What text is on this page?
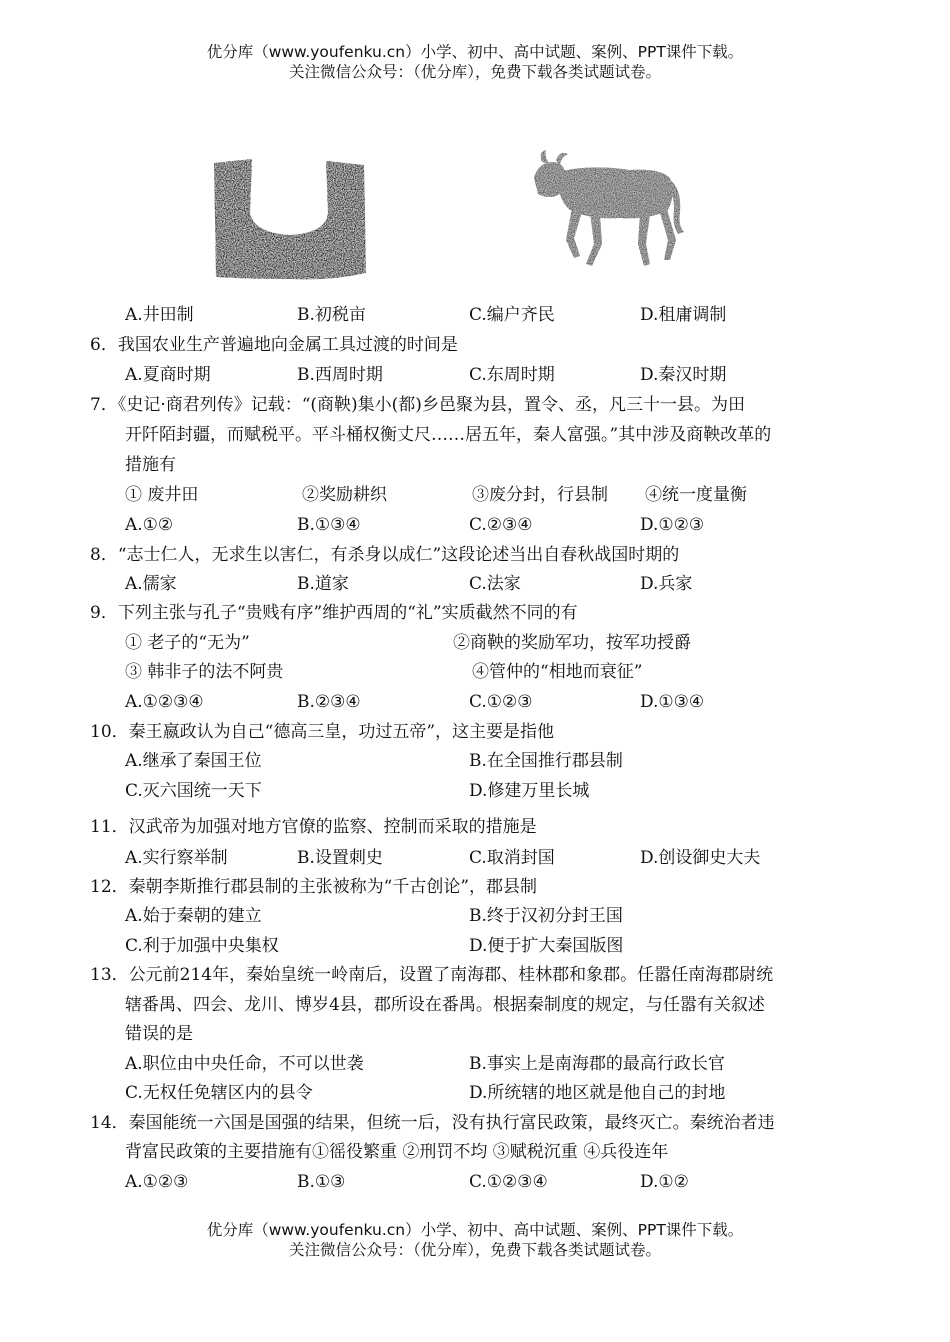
优分库（www.youfenku.cn）小学、初中、高中试题、案例、PPT课件下载。
关注微信公众号：（优分库），免费下载各类试题试卷。
A.井田制	B.初税亩	C.编户齐民	D.租庸调制
6．我国农业生产普遍地向金属工具过渡的时间是
A.夏商时期	B.西周时期	C.东周时期	D.秦汉时期
7．《史记·商君列传》记载：“(商鞅)集小(都)乡邑聚为县，置令、丞，凡三十一县。为田
开阡陌封疆，而赋税平。平斗桶权衡丈尺……居五年，秦人富强。”其中涉及商鞅改革的
措施有
① 废井田	②奖励耕织	③废分封，行县制 ④统一度量衡
A.①②	B.①③④	C.②③④	D.①②③
8．“志士仁人，无求生以害仁，有杀身以成仁”这段论述当出自春秋战国时期的
A.儒家	B.道家	C.法家	D.兵家
9．下列主张与孔子“贵贱有序”维护西周的“礼”实质截然不同的有
① 老子的“无为”	②商鞅的奖励军功，按军功授爵
③ 韩非子的法不阿贵	④管仲的“相地而衰征”
A.①②③④	B.②③④	C.①②③	D.①③④
10．秦王嬴政认为自己“德高三皇，功过五帝”，这主要是指他
A.继承了秦国王位	B.在全国推行郡县制
C.灭六国统一天下	D.修建万里长城
11．汉武帝为加强对地方官僚的监察、控制而采取的措施是
A.实行察举制	B.设置刺史	C.取消封国	D.创设御史大夫
12．秦朝李斯推行郡县制的主张被称为“千古创论”，郡县制
A.始于秦朝的建立	B.终于汉初分封王国
C.利于加强中央集权	D.便于扩大秦国版图
13．公元前214年，秦始皇统一岭南后，设置了南海郡、桂林郡和象郡。任嚣任南海郡尉统
辖番禺、四会、龙川、博岁4县，郡所设在番禺。根据秦制度的规定，与任嚣有关叙述
错误的是
A.职位由中央任命，不可以世袭	B.事实上是南海郡的最高行政长官
C.无权任免辖区内的县令	D.所统辖的地区就是他自己的封地
14．秦国能统一六国是国强的结果，但统一后，没有执行富民政策，最终灭亡。秦统治者违
背富民政策的主要措施有①徭役繁重 ②刑罚不均 ③赋税沉重 ④兵役连年
A.①②③	B.①③	C.①②③④	D.①②
优分库（www.youfenku.cn）小学、初中、高中试题、案例、PPT课件下载。
关注微信公众号：（优分库），免费下载各类试题试卷。
